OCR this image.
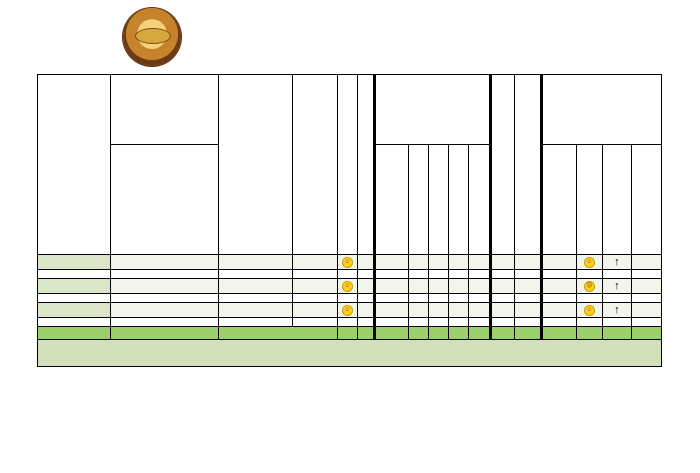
				☺										☺	↑	

				☺										☹	↑	

				☺										☺	↑	
